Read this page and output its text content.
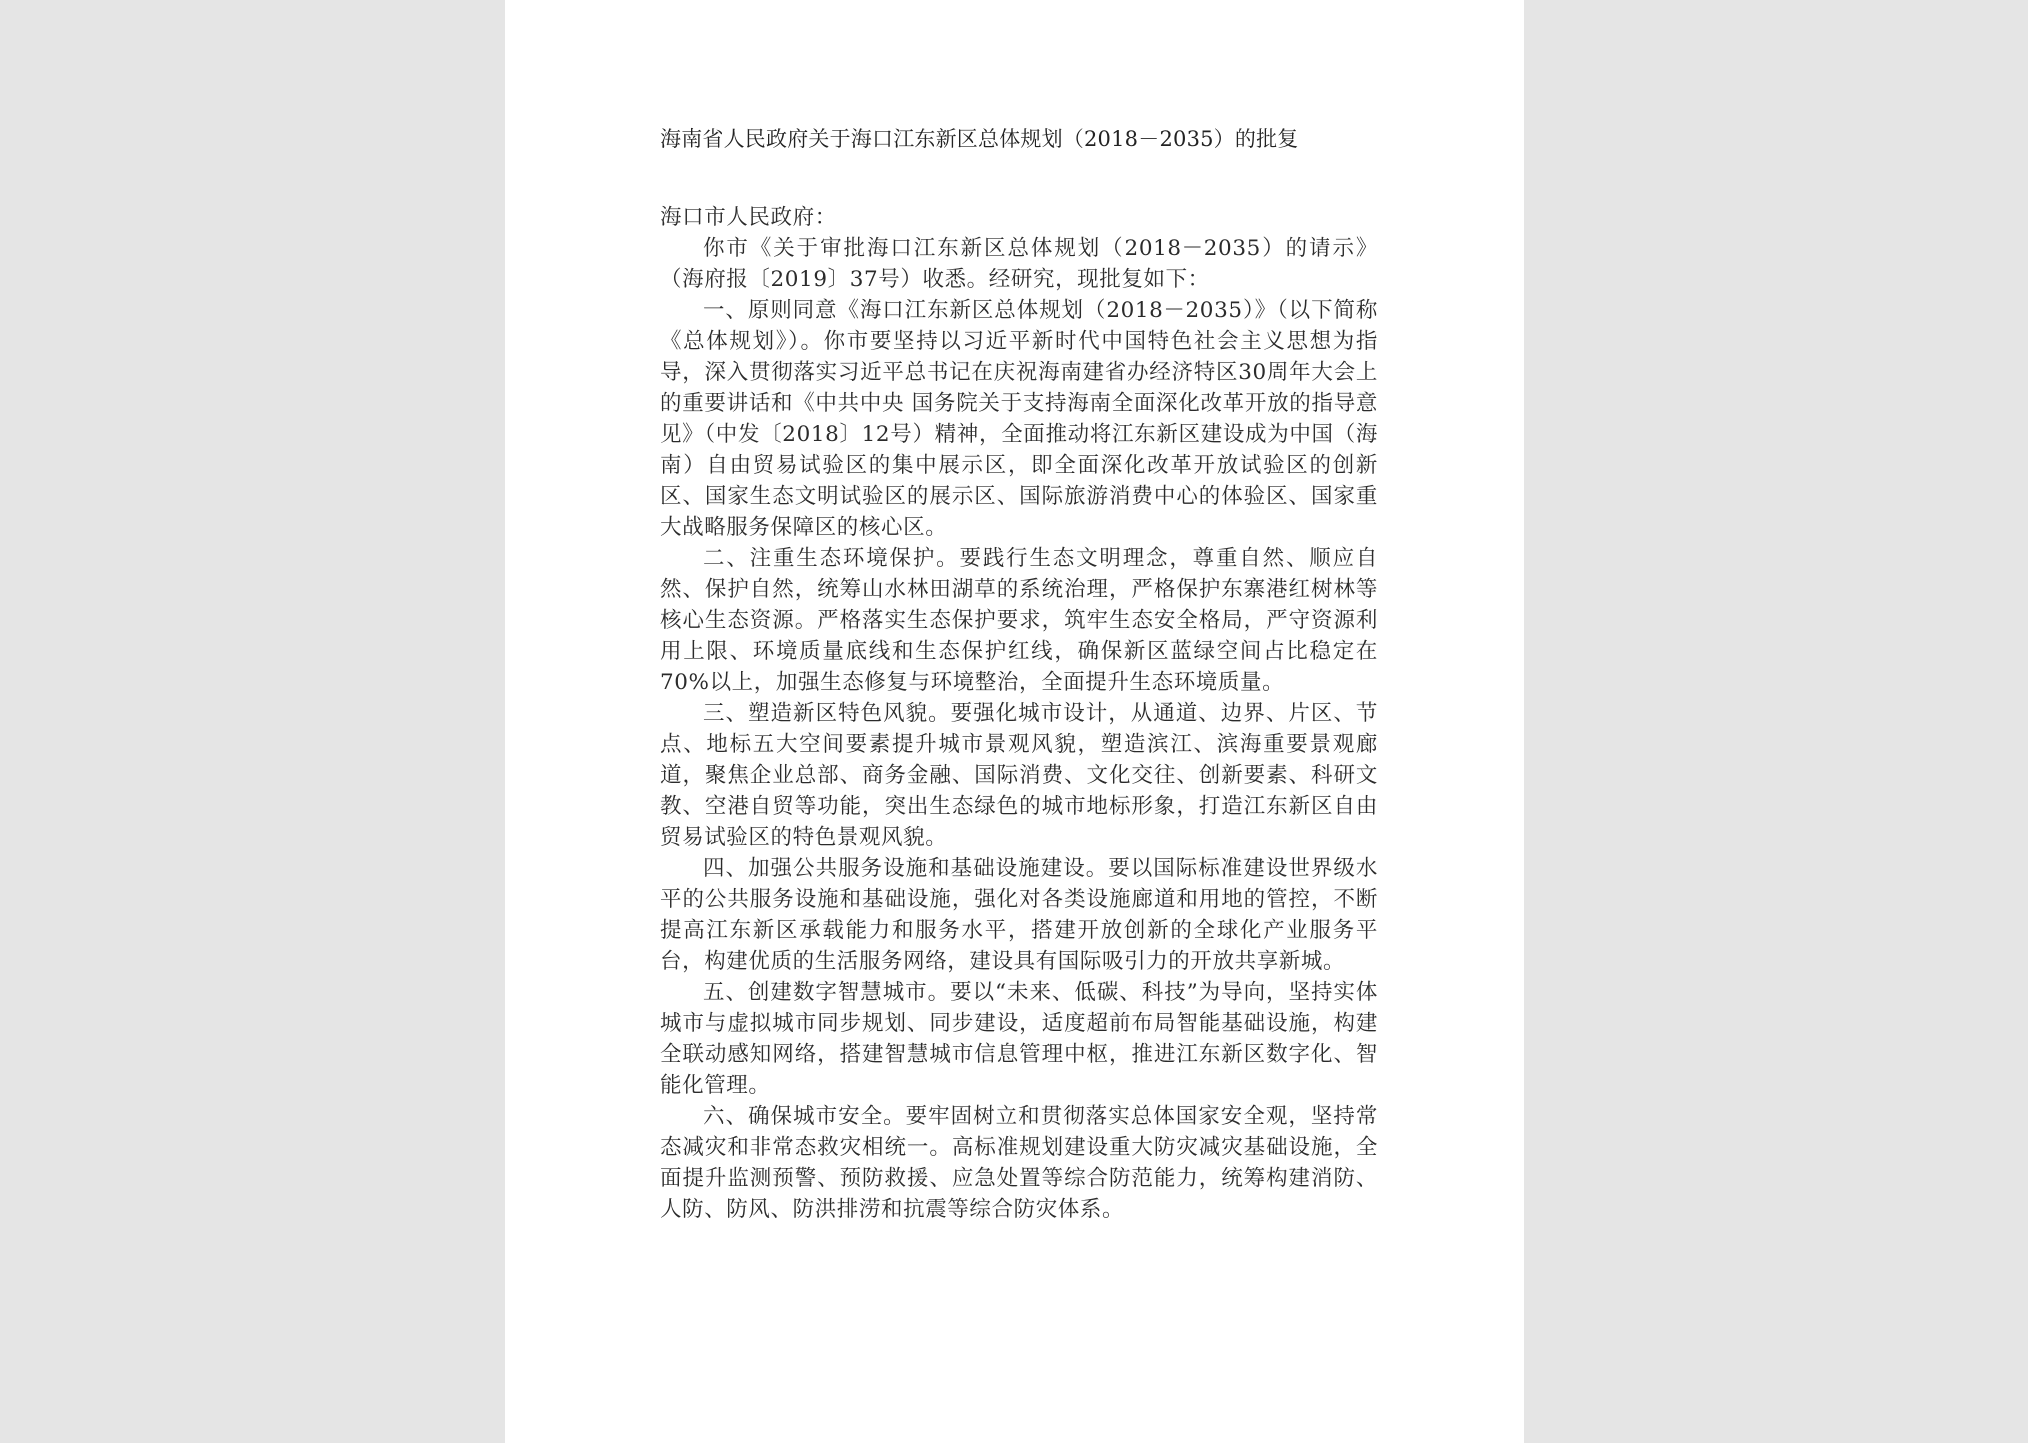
海南省人民政府关于海口江东新区总体规划（2018－2035）的批复

海口市人民政府：

你市《关于审批海口江东新区总体规划（2018－2035）的请示》（海府报〔2019〕37号）收悉。经研究，现批复如下：

一、原则同意《海口江东新区总体规划（2018－2035）》（以下简称《总体规划》）。你市要坚持以习近平新时代中国特色社会主义思想为指导，深入贯彻落实习近平总书记在庆祝海南建省办经济特区30周年大会上的重要讲话和《中共中央 国务院关于支持海南全面深化改革开放的指导意见》（中发〔2018〕12号）精神，全面推动将江东新区建设成为中国（海南）自由贸易试验区的集中展示区，即全面深化改革开放试验区的创新区、国家生态文明试验区的展示区、国际旅游消费中心的体验区、国家重大战略服务保障区的核心区。

二、注重生态环境保护。要践行生态文明理念，尊重自然、顺应自然、保护自然，统筹山水林田湖草的系统治理，严格保护东寨港红树林等核心生态资源。严格落实生态保护要求，筑牢生态安全格局，严守资源利用上限、环境质量底线和生态保护红线，确保新区蓝绿空间占比稳定在70%以上，加强生态修复与环境整治，全面提升生态环境质量。

三、塑造新区特色风貌。要强化城市设计，从通道、边界、片区、节点、地标五大空间要素提升城市景观风貌，塑造滨江、滨海重要景观廊道，聚焦企业总部、商务金融、国际消费、文化交往、创新要素、科研文教、空港自贸等功能，突出生态绿色的城市地标形象，打造江东新区自由贸易试验区的特色景观风貌。

四、加强公共服务设施和基础设施建设。要以国际标准建设世界级水平的公共服务设施和基础设施，强化对各类设施廊道和用地的管控，不断提高江东新区承载能力和服务水平，搭建开放创新的全球化产业服务平台，构建优质的生活服务网络，建设具有国际吸引力的开放共享新城。

五、创建数字智慧城市。要以“未来、低碳、科技”为导向，坚持实体城市与虚拟城市同步规划、同步建设，适度超前布局智能基础设施，构建全联动感知网络，搭建智慧城市信息管理中枢，推进江东新区数字化、智能化管理。

六、确保城市安全。要牢固树立和贯彻落实总体国家安全观，坚持常态减灾和非常态救灾相统一。高标准规划建设重大防灾减灾基础设施，全面提升监测预警、预防救援、应急处置等综合防范能力，统筹构建消防、人防、防风、防洪排涝和抗震等综合防灾体系。
